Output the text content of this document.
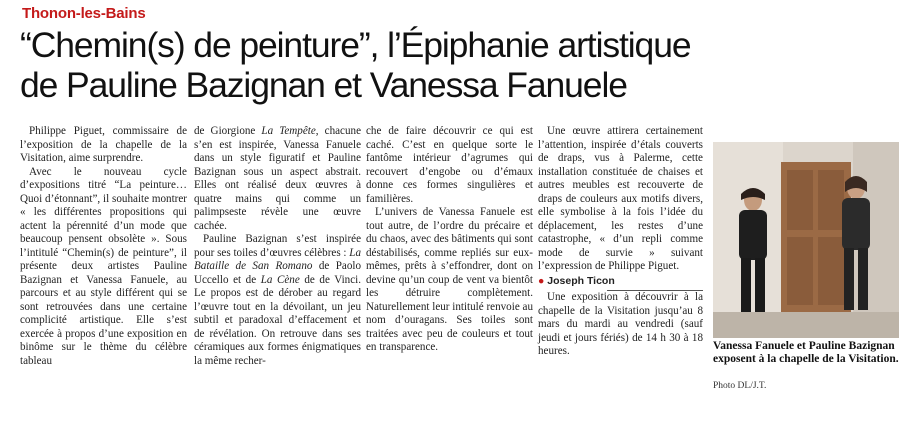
Thonon-les-Bains
“Chemin(s) de peinture”, l’Épiphanie artistique
de Pauline Bazignan et Vanessa Fanuele

Philippe Piguet, commissaire de l’exposition de la chapelle de la Visitation, aime surprendre.

Avec le nouveau cycle d’expositions titré “La peinture… Quoi d’étonnant”, il souhaite montrer « les différentes propositions qui actent la pérennité d’un mode que beaucoup pensent obsolète ». Sous l’intitulé “Chemin(s) de peinture”, il présente deux artistes Pauline Bazignan et Vanessa Fanuele, au parcours et au style différent qui se sont retrouvées dans une certaine complicité artistique. Elle s’est exercée à propos d’une exposition en binôme sur le thème du célèbre tableau

de Giorgione La Tempête, chacune s’en est inspirée, Vanessa Fanuele dans un style figuratif et Pauline Bazignan sous un aspect abstrait. Elles ont réalisé deux œuvres à quatre mains qui comme un palimpseste révèle une œuvre cachée.

Pauline Bazignan s’est inspirée pour ses toiles d’œuvres célèbres : La Bataille de San Romano de Paolo Uccello et de La Cène de de Vinci. Le propos est de dérober au regard l’œuvre tout en la dévoilant, un jeu subtil et paradoxal d’effacement et de révélation. On retrouve dans ses céramiques aux formes énigmatiques la même recher-

che de faire découvrir ce qui est caché. C’est en quelque sorte le fantôme intérieur d’agrumes qui recouvert d’engobe ou d’émaux donne ces formes singulières et familières.

L’univers de Vanessa Fanuele est tout autre, de l’ordre du précaire et du chaos, avec des bâtiments qui sont déstabilisés, comme repliés sur eux-mêmes, prêts à s’effondrer, dont on devine qu’un coup de vent va bientôt les détruire complètement. Naturellement leur intitulé renvoie au nom d’ouragans. Ses toiles sont traitées avec peu de couleurs et tout en transparence.

Une œuvre attirera certainement l’attention, inspirée d’étals couverts de draps, vus à Palerme, cette installation constituée de chaises et autres meubles est recouverte de draps de couleurs aux motifs divers, elle symbolise à la fois l’idée du déplacement, les restes d’une catastrophe, « d’un repli comme mode de survie » suivant l’expression de Philippe Piguet.

● Joseph Ticon

Une exposition à découvrir à la chapelle de la Visitation jusqu’au 8 mars du mardi au vendredi (sauf jeudi et jours fériés) de 14 h 30 à 18 heures.	Vanessa Fanuele et Pauline Bazignan exposent à la chapelle de la Visitation.
Photo DL/J.T.
